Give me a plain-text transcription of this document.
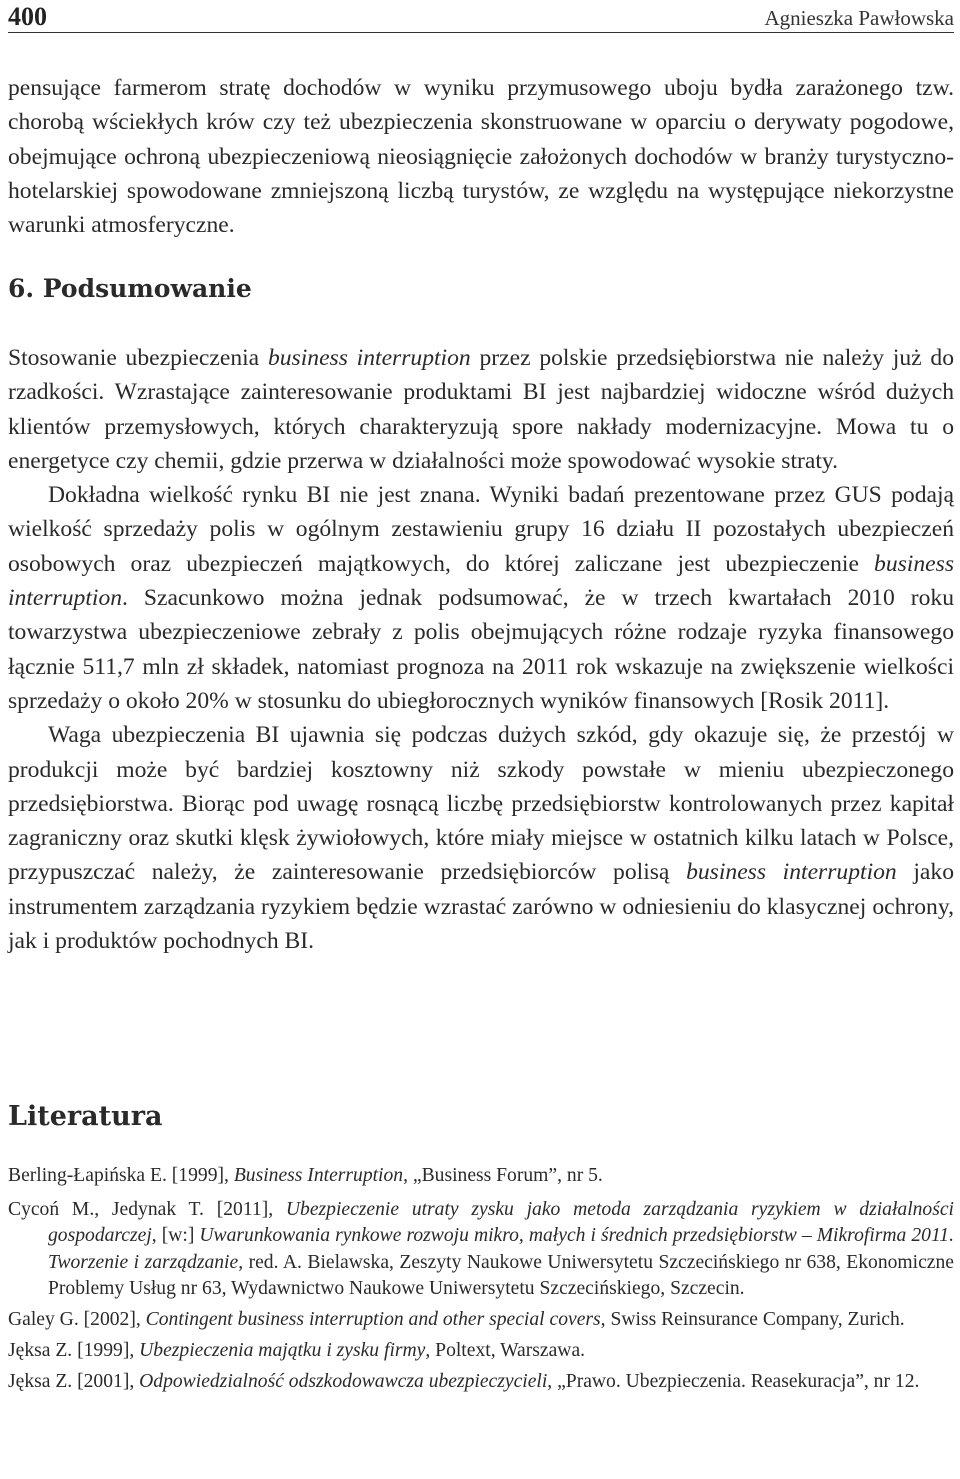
400	Agnieszka Pawłowska

pensujące farmerom stratę dochodów w wyniku przymusowego uboju bydła zarażonego tzw. chorobą wściekłych krów czy też ubezpieczenia skonstruowane w oparciu o derywaty pogodowe, obejmujące ochroną ubezpieczeniową nieosiągnięcie założonych dochodów w branży turystyczno-hotelarskiej spowodowane zmniejszoną liczbą turystów, ze względu na występujące niekorzystne warunki atmosferyczne.

6. Podsumowanie

Stosowanie ubezpieczenia business interruption przez polskie przedsiębiorstwa nie należy już do rzadkości. Wzrastające zainteresowanie produktami BI jest najbardziej widoczne wśród dużych klientów przemysłowych, których charakteryzują spore nakłady modernizacyjne. Mowa tu o energetyce czy chemii, gdzie przerwa w działalności może spowodować wysokie straty.

Dokładna wielkość rynku BI nie jest znana. Wyniki badań prezentowane przez GUS podają wielkość sprzedaży polis w ogólnym zestawieniu grupy 16 działu II pozostałych ubezpieczeń osobowych oraz ubezpieczeń majątkowych, do której zaliczane jest ubezpieczenie business interruption. Szacunkowo można jednak podsumować, że w trzech kwartałach 2010 roku towarzystwa ubezpieczeniowe zebrały z polis obejmujących różne rodzaje ryzyka finansowego łącznie 511,7 mln zł składek, natomiast prognoza na 2011 rok wskazuje na zwiększenie wielkości sprzedaży o około 20% w stosunku do ubiegłorocznych wyników finansowych [Rosik 2011].

Waga ubezpieczenia BI ujawnia się podczas dużych szkód, gdy okazuje się, że przestój w produkcji może być bardziej kosztowny niż szkody powstałe w mieniu ubezpieczonego przedsiębiorstwa. Biorąc pod uwagę rosnącą liczbę przedsiębiorstw kontrolowanych przez kapitał zagraniczny oraz skutki klęsk żywiołowych, które miały miejsce w ostatnich kilku latach w Polsce, przypuszczać należy, że zainteresowanie przedsiębiorców polisą business interruption jako instrumentem zarządzania ryzykiem będzie wzrastać zarówno w odniesieniu do klasycznej ochrony, jak i produktów pochodnych BI.

Literatura

Berling-Łapińska E. [1999], Business Interruption, „Business Forum”, nr 5.

Cycoń M., Jedynak T. [2011], Ubezpieczenie utraty zysku jako metoda zarządzania ryzykiem w działalności gospodarczej, [w:] Uwarunkowania rynkowe rozwoju mikro, małych i średnich przedsiębiorstw – Mikrofirma 2011. Tworzenie i zarządzanie, red. A. Bielawska, Zeszyty Naukowe Uniwersytetu Szczecińskiego nr 638, Ekonomiczne Problemy Usług nr 63, Wydawnictwo Naukowe Uniwersytetu Szczecińskiego, Szczecin.

Galey G. [2002], Contingent business interruption and other special covers, Swiss Reinsurance Company, Zurich.

Jęksa Z. [1999], Ubezpieczenia majątku i zysku firmy, Poltext, Warszawa.

Jęksa Z. [2001], Odpowiedzialność odszkodowawcza ubezpieczycieli, „Prawo. Ubezpieczenia. Reasekuracja”, nr 12.
